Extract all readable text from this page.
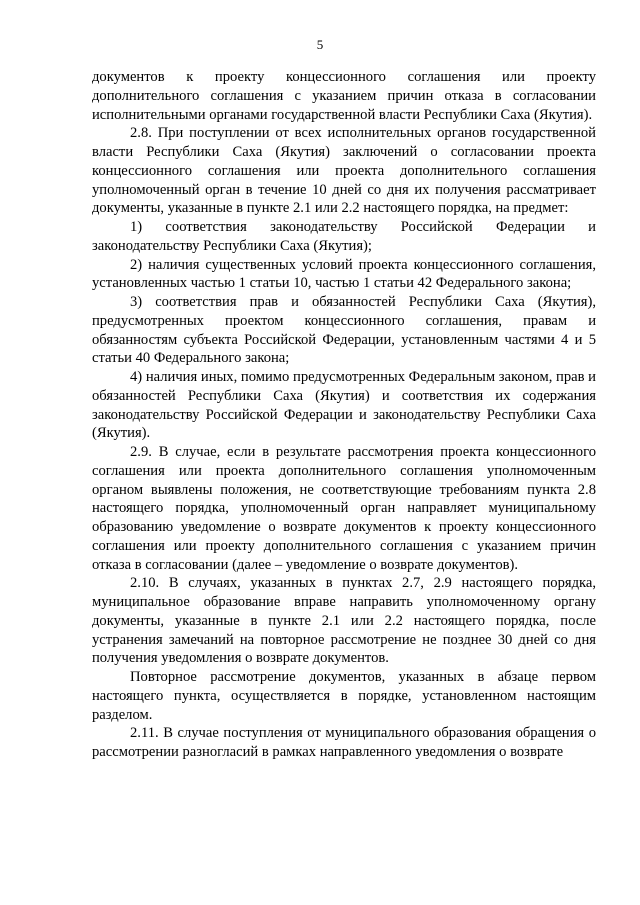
5

документов к проекту концессионного соглашения или проекту дополнительного соглашения с указанием причин отказа в согласовании исполнительными органами государственной власти Республики Саха (Якутия).

2.8. При поступлении от всех исполнительных органов государственной власти Республики Саха (Якутия) заключений о согласовании проекта концессионного соглашения или проекта дополнительного соглашения уполномоченный орган в течение 10 дней со дня их получения рассматривает документы, указанные в пункте 2.1 или 2.2 настоящего порядка, на предмет:

1) соответствия законодательству Российской Федерации и законодательству Республики Саха (Якутия);

2) наличия существенных условий проекта концессионного соглашения, установленных частью 1 статьи 10, частью 1 статьи 42 Федерального закона;

3) соответствия прав и обязанностей Республики Саха (Якутия), предусмотренных проектом концессионного соглашения, правам и обязанностям субъекта Российской Федерации, установленным частями 4 и 5 статьи 40 Федерального закона;

4) наличия иных, помимо предусмотренных Федеральным законом, прав и обязанностей Республики Саха (Якутия) и соответствия их содержания законодательству Российской Федерации и законодательству Республики Саха (Якутия).

2.9. В случае, если в результате рассмотрения проекта концессионного соглашения или проекта дополнительного соглашения уполномоченным органом выявлены положения, не соответствующие требованиям пункта 2.8 настоящего порядка, уполномоченный орган направляет муниципальному образованию уведомление о возврате документов к проекту концессионного соглашения или проекту дополнительного соглашения с указанием причин отказа в согласовании (далее – уведомление о возврате документов).

2.10. В случаях, указанных в пунктах 2.7, 2.9 настоящего порядка, муниципальное образование вправе направить уполномоченному органу документы, указанные в пункте 2.1 или 2.2 настоящего порядка, после устранения замечаний на повторное рассмотрение не позднее 30 дней со дня получения уведомления о возврате документов.

Повторное рассмотрение документов, указанных в абзаце первом настоящего пункта, осуществляется в порядке, установленном настоящим разделом.

2.11. В случае поступления от муниципального образования обращения о рассмотрении разногласий в рамках направленного уведомления о возврате
